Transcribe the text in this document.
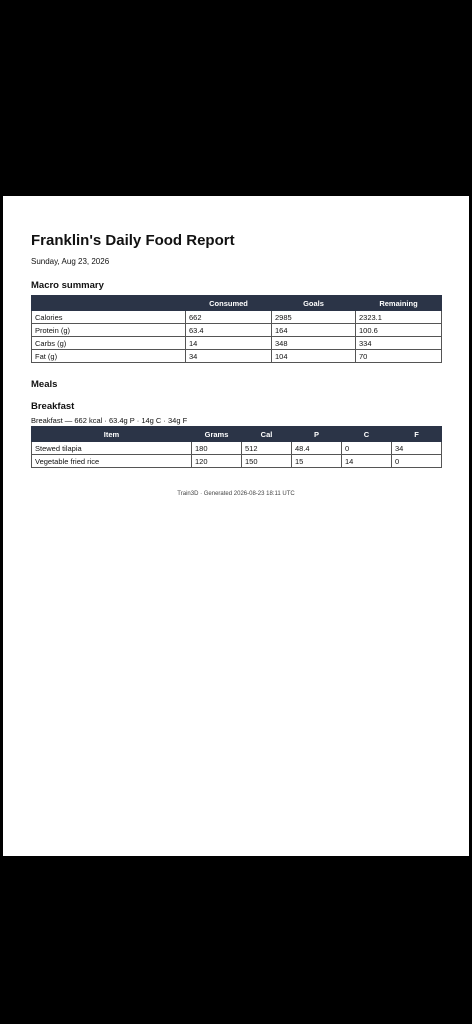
Franklin's Daily Food Report
Sunday, Aug 23, 2026
Macro summary
	Consumed	Goals	Remaining
Calories	662	2985	2323.1
Protein (g)	63.4	164	100.6
Carbs (g)	14	348	334
Fat (g)	34	104	70
Meals
Breakfast
Breakfast — 662 kcal · 63.4g P · 14g C · 34g F
Item	Grams	Cal	P	C	F
Stewed tilapia	180	512	48.4	0	34
Vegetable fried rice	120	150	15	14	0
Train3D · Generated 2026-08-23 18:11 UTC
